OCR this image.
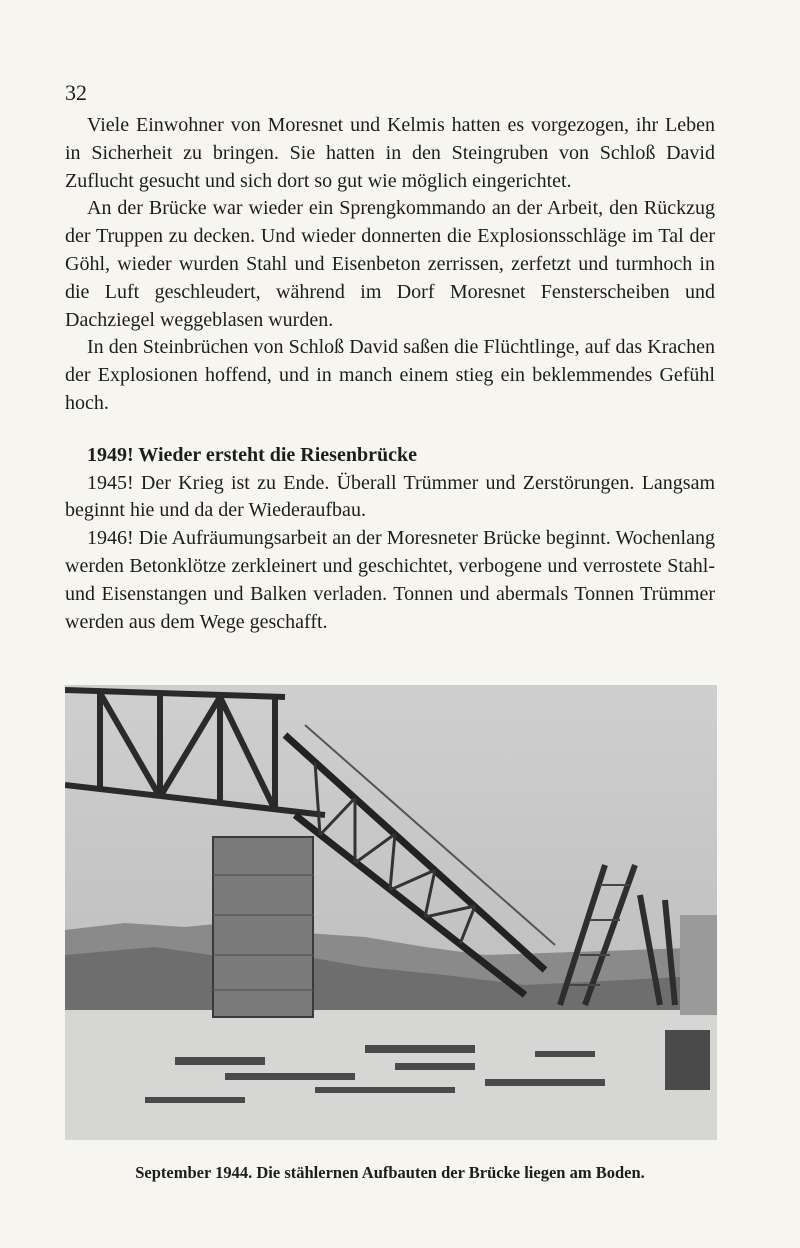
32

Viele Einwohner von Moresnet und Kelmis hatten es vorgezogen, ihr Leben in Sicherheit zu bringen. Sie hatten in den Steingruben von Schloß David Zuflucht gesucht und sich dort so gut wie möglich eingerichtet.

An der Brücke war wieder ein Sprengkommando an der Arbeit, den Rückzug der Truppen zu decken. Und wieder donnerten die Explosionsschläge im Tal der Göhl, wieder wurden Stahl und Eisenbeton zerrissen, zerfetzt und turmhoch in die Luft geschleudert, während im Dorf Moresnet Fensterscheiben und Dachziegel weggeblasen wurden.

In den Steinbrüchen von Schloß David saßen die Flüchtlinge, auf das Krachen der Explosionen hoffend, und in manch einem stieg ein beklemmendes Gefühl hoch.

1949! Wieder ersteht die Riesenbrücke

1945! Der Krieg ist zu Ende. Überall Trümmer und Zerstörungen. Langsam beginnt hie und da der Wiederaufbau.

1946! Die Aufräumungsarbeit an der Moresneter Brücke beginnt. Wochenlang werden Betonklötze zerkleinert und geschichtet, verbogene und verrostete Stahl- und Eisenstangen und Balken verladen. Tonnen und abermals Tonnen Trümmer werden aus dem Wege geschafft.

September 1944. Die stählernen Aufbauten der Brücke liegen am Boden.
